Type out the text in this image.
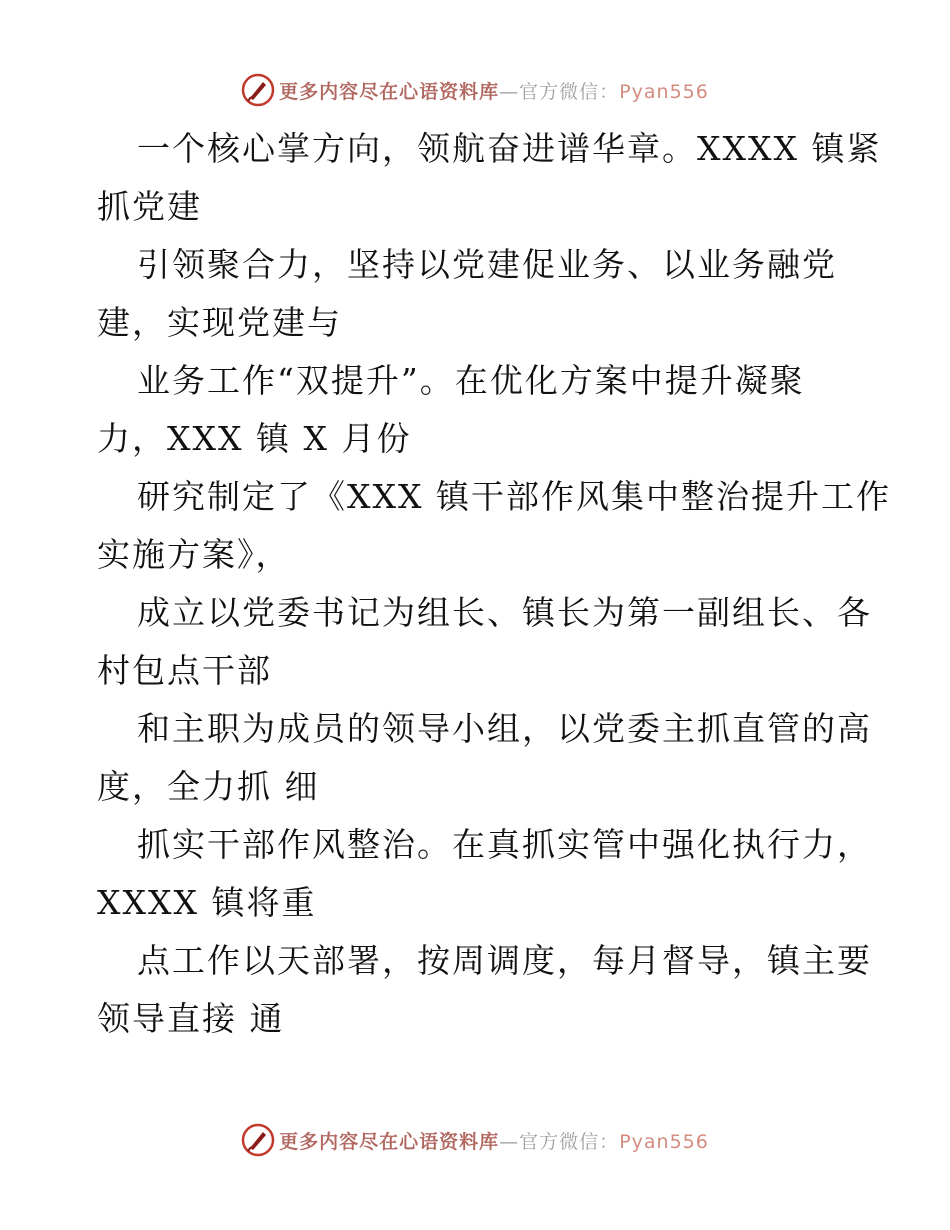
更多内容尽在心语资料库—官方微信：Pyan556
一个核心掌方向，领航奋进谱华章。XXXX 镇紧
抓党建
引领聚合力，坚持以党建促业务、以业务融党
建，实现党建与
业务工作“双提升”。在优化方案中提升凝聚
力，XXX 镇 X 月份
研究制定了《XXX 镇干部作风集中整治提升工作
实施方案》，
成立以党委书记为组长、镇长为第一副组长、各
村包点干部
和主职为成员的领导小组，以党委主抓直管的高
度，全力抓 细
抓实干部作风整治。在真抓实管中强化执行力，
XXXX 镇将重
点工作以天部署，按周调度，每月督导，镇主要
领导直接 通
更多内容尽在心语资料库—官方微信：Pyan556
